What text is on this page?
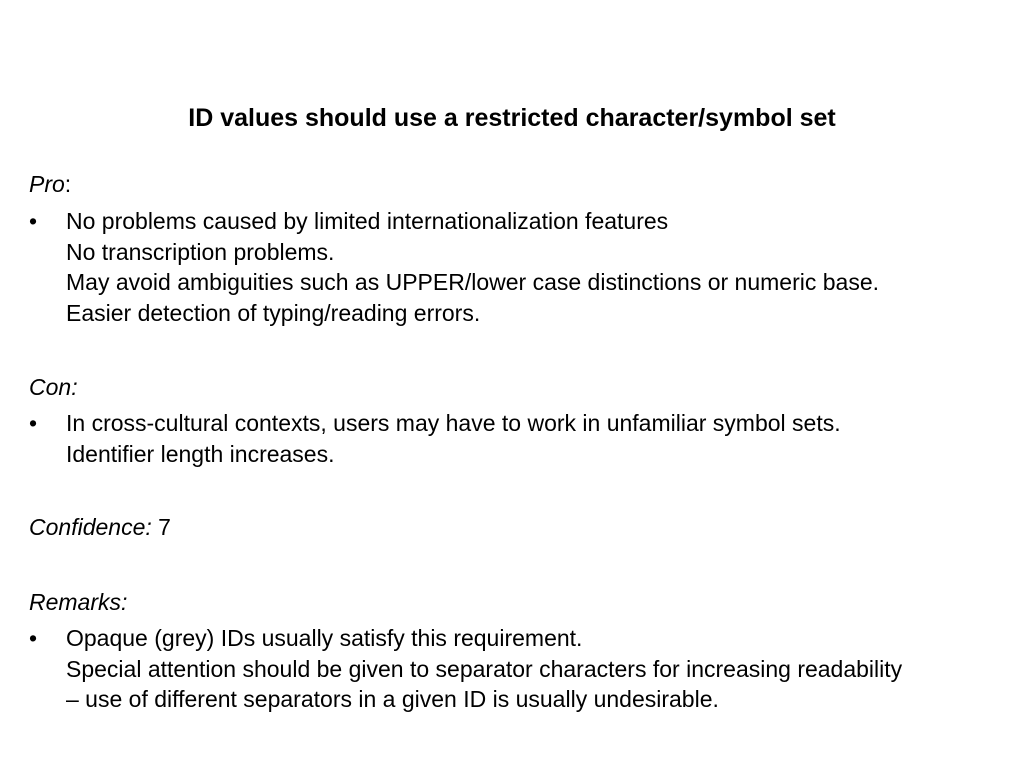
ID values should use a restricted character/symbol set
Pro:
•	No problems caused by limited internationalization features
No transcription problems.
May avoid ambiguities such as UPPER/lower case distinctions or numeric base.
Easier detection of typing/reading errors.
Con:
•	In cross-cultural contexts, users may have to work in unfamiliar symbol sets.
Identifier length increases.
Confidence: 7
Remarks:
•	Opaque (grey) IDs usually satisfy this requirement.
Special attention should be given to separator characters for increasing readability
– use of different separators in a given ID is usually undesirable.
